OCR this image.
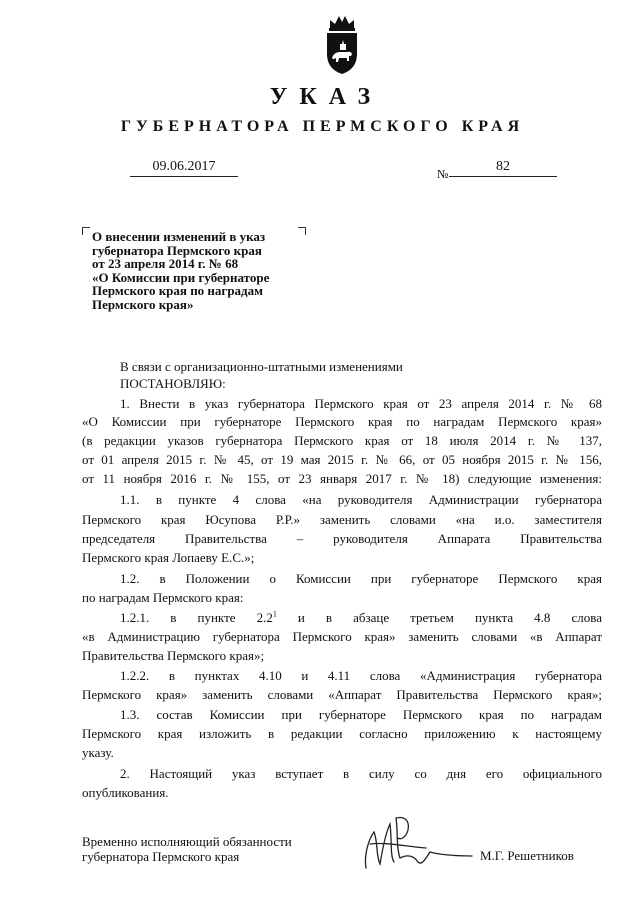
УКАЗ

ГУБЕРНАТОРА ПЕРМСКОГО КРАЯ

09.06.2017	№	82
О внесении изменений в указ
губернатора Пермского края
от 23 апреля 2014 г. № 68
«О Комиссии при губернаторе
Пермского края по наградам
Пермского края»
В связи с организационно-штатными изменениями
ПОСТАНОВЛЯЮ:
1. Внести в указ губернатора Пермского края от 23 апреля 2014 г. № 68
«О Комиссии при губернаторе Пермского края по наградам Пермского края»
(в редакции указов губернатора Пермского края от 18 июля 2014 г. № 137,
от 01 апреля 2015 г. № 45, от 19 мая 2015 г. № 66, от 05 ноября 2015 г. № 156,
от 11 ноября 2016 г. № 155, от 23 января 2017 г. № 18) следующие изменения:
1.1. в пункте 4 слова «на руководителя Администрации губернатора
Пермского края Юсупова Р.Р.» заменить словами «на и.о. заместителя
председателя Правительства – руководителя Аппарата Правительства
Пермского края Лопаеву Е.С.»;
1.2. в Положении о Комиссии при губернаторе Пермского края
по наградам Пермского края:
1.2.1. в пункте $2.2^1$ и в абзаце третьем пункта 4.8 слова
«в Администрацию губернатора Пермского края» заменить словами «в Аппарат
Правительства Пермского края»;
1.2.2. в пунктах 4.10 и 4.11 слова «Администрация губернатора
Пермского края» заменить словами «Аппарат Правительства Пермского края»;
1.3. состав Комиссии при губернаторе Пермского края по наградам
Пермского края изложить в редакции согласно приложению к настоящему
указу.
2. Настоящий указ вступает в силу со дня его официального
опубликования.
Временно исполняющий обязанности
губернатора Пермского края	М.Г. Решетников
